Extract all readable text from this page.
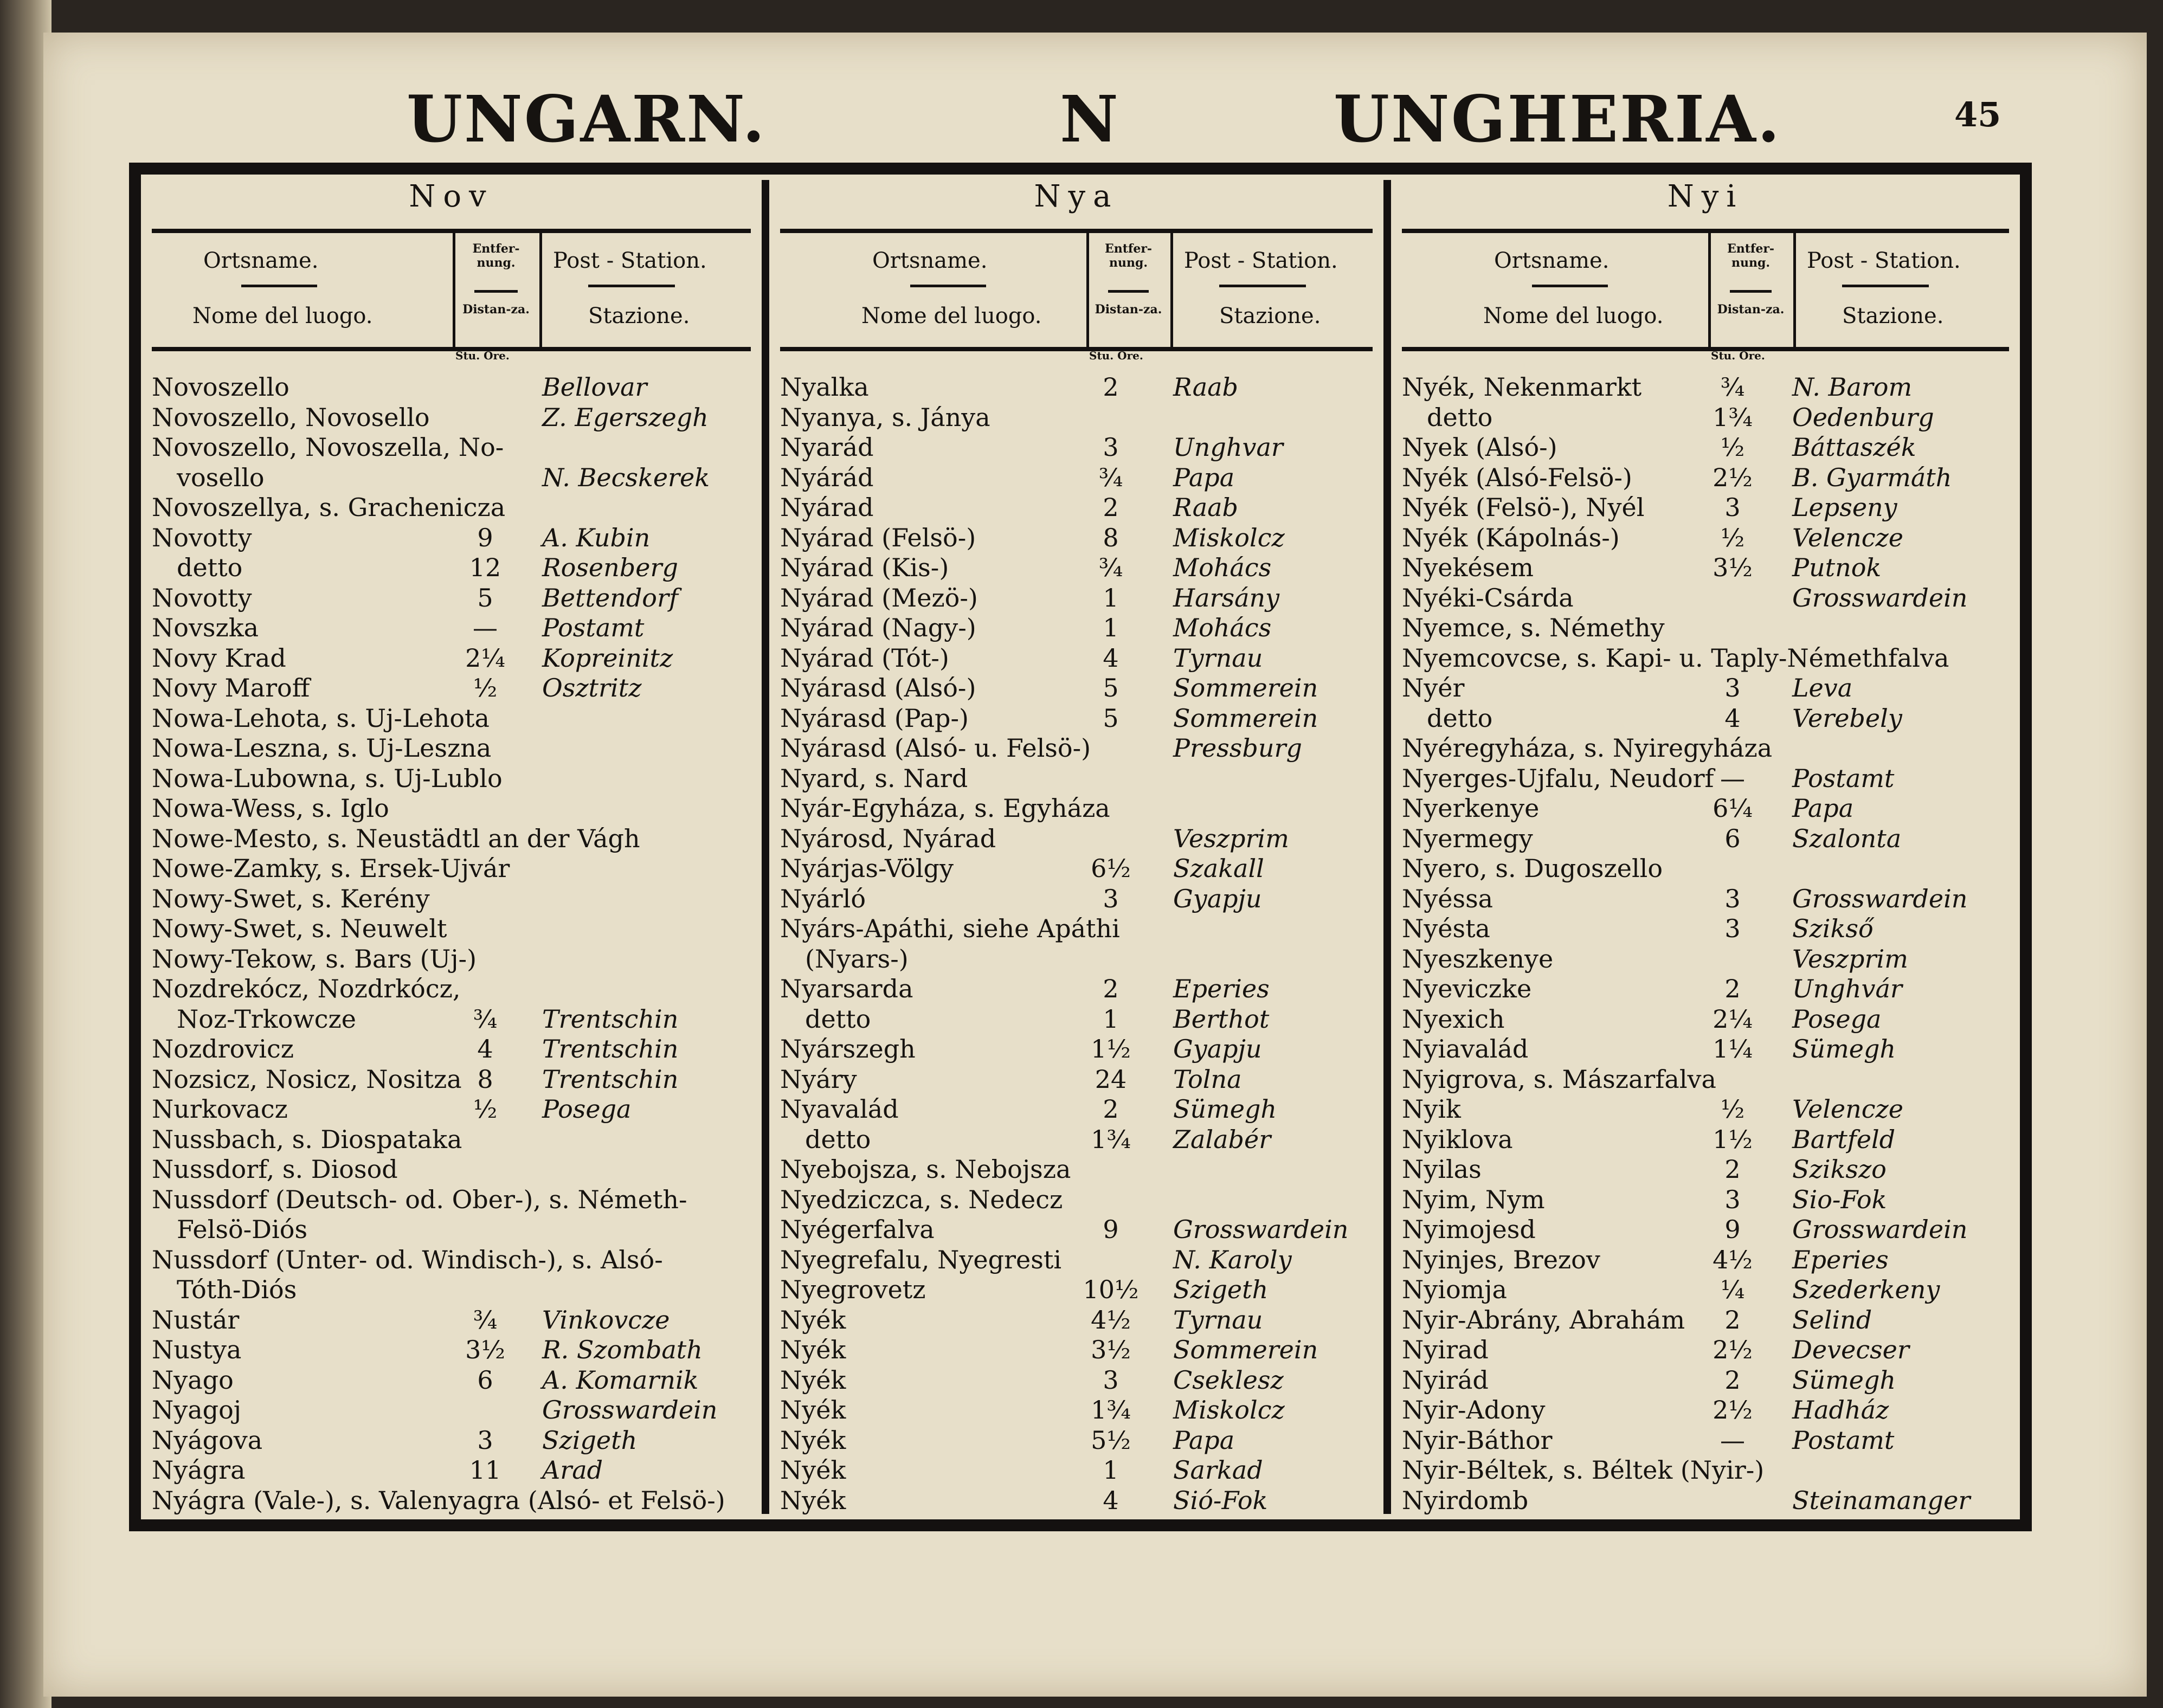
UNGARN.	N	UNGHERIA.	45
Nov
Ortsname.
Nome del luogo.
Entfer-nung.
Distan-za.
Post - Station.
Stazione.
Stu. Ore.
Novoszello	Bellovar
Novoszello, Novosello	Z. Egerszegh
Novoszello, Novoszella, No-
vosello	N. Becskerek
Novoszellya, s. Grachenicza
Novotty	9	A. Kubin
detto	12	Rosenberg
Novotty	5	Bettendorf
Novszka	—	Postamt
Novy Krad	2¼	Kopreinitz
Novy Maroff	½	Osztritz
Nowa-Lehota, s. Uj-Lehota
Nowa-Leszna, s. Uj-Leszna
Nowa-Lubowna, s. Uj-Lublo
Nowa-Wess, s. Iglo
Nowe-Mesto, s. Neustädtl an der Vágh
Nowe-Zamky, s. Ersek-Ujvár
Nowy-Swet, s. Kerény
Nowy-Swet, s. Neuwelt
Nowy-Tekow, s. Bars (Uj-)
Nozdrekócz, Nozdrkócz,
Noz-Trkowcze	¾	Trentschin
Nozdrovicz	4	Trentschin
Nozsicz, Nosicz, Nositza 8	Trentschin
Nurkovacz	½	Posega
Nussbach, s. Diospataka
Nussdorf, s. Diosod
Nussdorf (Deutsch- od. Ober-), s. Németh-
Felsö-Diós
Nussdorf (Unter- od. Windisch-), s. Alsó-
Tóth-Diós
Nustár	¾	Vinkovcze
Nustya	3½	R. Szombath
Nyago	6	A. Komarnik
Nyagoj	Grosswardein
Nyágova	3	Szigeth
Nyágra	11	Arad
Nyágra (Vale-), s. Valenyagra (Alsó- et Felsö-)
Nya
Ortsname.
Nome del luogo.
Entfer-nung.
Distan-za.
Post - Station.
Stazione.
Stu. Ore.
Nyalka	2	Raab
Nyanya, s. Jánya
Nyarád	3	Unghvar
Nyárád	¾	Papa
Nyárad	2	Raab
Nyárad (Felsö-)	8	Miskolcz
Nyárad (Kis-)	¾	Mohács
Nyárad (Mezö-)	1	Harsány
Nyárad (Nagy-)	1	Mohács
Nyárad (Tót-)	4	Tyrnau
Nyárasd (Alsó-)	5	Sommerein
Nyárasd (Pap-)	5	Sommerein
Nyárasd (Alsó- u. Felsö-)	Pressburg
Nyard, s. Nard
Nyár-Egyháza, s. Egyháza
Nyárosd, Nyárad	Veszprim
Nyárjas-Völgy	6½	Szakall
Nyárló	3	Gyapju
Nyárs-Apáthi, siehe Apáthi
(Nyars-)
Nyarsarda	2	Eperies
detto	1	Berthot
Nyárszegh	1½	Gyapju
Nyáry	24	Tolna
Nyavalád	2	Sümegh
detto	1¾	Zalabér
Nyebojsza, s. Nebojsza
Nyedziczca, s. Nedecz
Nyégerfalva	9	Grosswardein
Nyegrefalu, Nyegresti	N. Karoly
Nyegrovetz	10½ Szigeth
Nyék	4½	Tyrnau
Nyék	3½	Sommerein
Nyék	3	Cseklesz
Nyék	1¾	Miskolcz
Nyék	5½	Papa
Nyék	1	Sarkad
Nyék	4	Sió-Fok
Nyi
Ortsname.
Nome del luogo.
Entfer-nung.
Distan-za.
Post - Station.
Stazione.
Stu. Ore.
Nyék, Nekenmarkt	¾	N. Barom
detto	1¾	Oedenburg
Nyek (Alsó-)	½	Báttaszék
Nyék (Alsó-Felsö-)	2½	B. Gyarmáth
Nyék (Felsö-), Nyél	3	Lepseny
Nyék (Kápolnás-)	½	Velencze
Nyekésem	3½	Putnok
Nyéki-Csárda	Grosswardein
Nyemce, s. Némethy
Nyemcovcse, s. Kapi- u. Taply-Némethfalva
Nyér	3	Leva
detto	4	Verebely
Nyéregyháza, s. Nyiregyháza
Nyerges-Ujfalu, Neudorf —	Postamt
Nyerkenye	6¼	Papa
Nyermegy	6	Szalonta
Nyero, s. Dugoszello
Nyéssa	3	Grosswardein
Nyésta	3	Szikső
Nyeszkenye	Veszprim
Nyeviczke	2	Unghvár
Nyexich	2¼	Posega
Nyiavalád	1¼	Sümegh
Nyigrova, s. Mászarfalva
Nyik	½	Velencze
Nyiklova	1½	Bartfeld
Nyilas	2	Szikszo
Nyim, Nym	3	Sio-Fok
Nyimojesd	9	Grosswardein
Nyinjes, Brezov	4½	Eperies
Nyiomja	¼	Szederkeny
Nyir-Abrány, Abrahám	2	Selind
Nyirad	2½	Devecser
Nyirád	2	Sümegh
Nyir-Adony	2½	Hadház
Nyir-Báthor	—	Postamt
Nyir-Béltek, s. Béltek (Nyir-)
Nyirdomb	Steinamanger
